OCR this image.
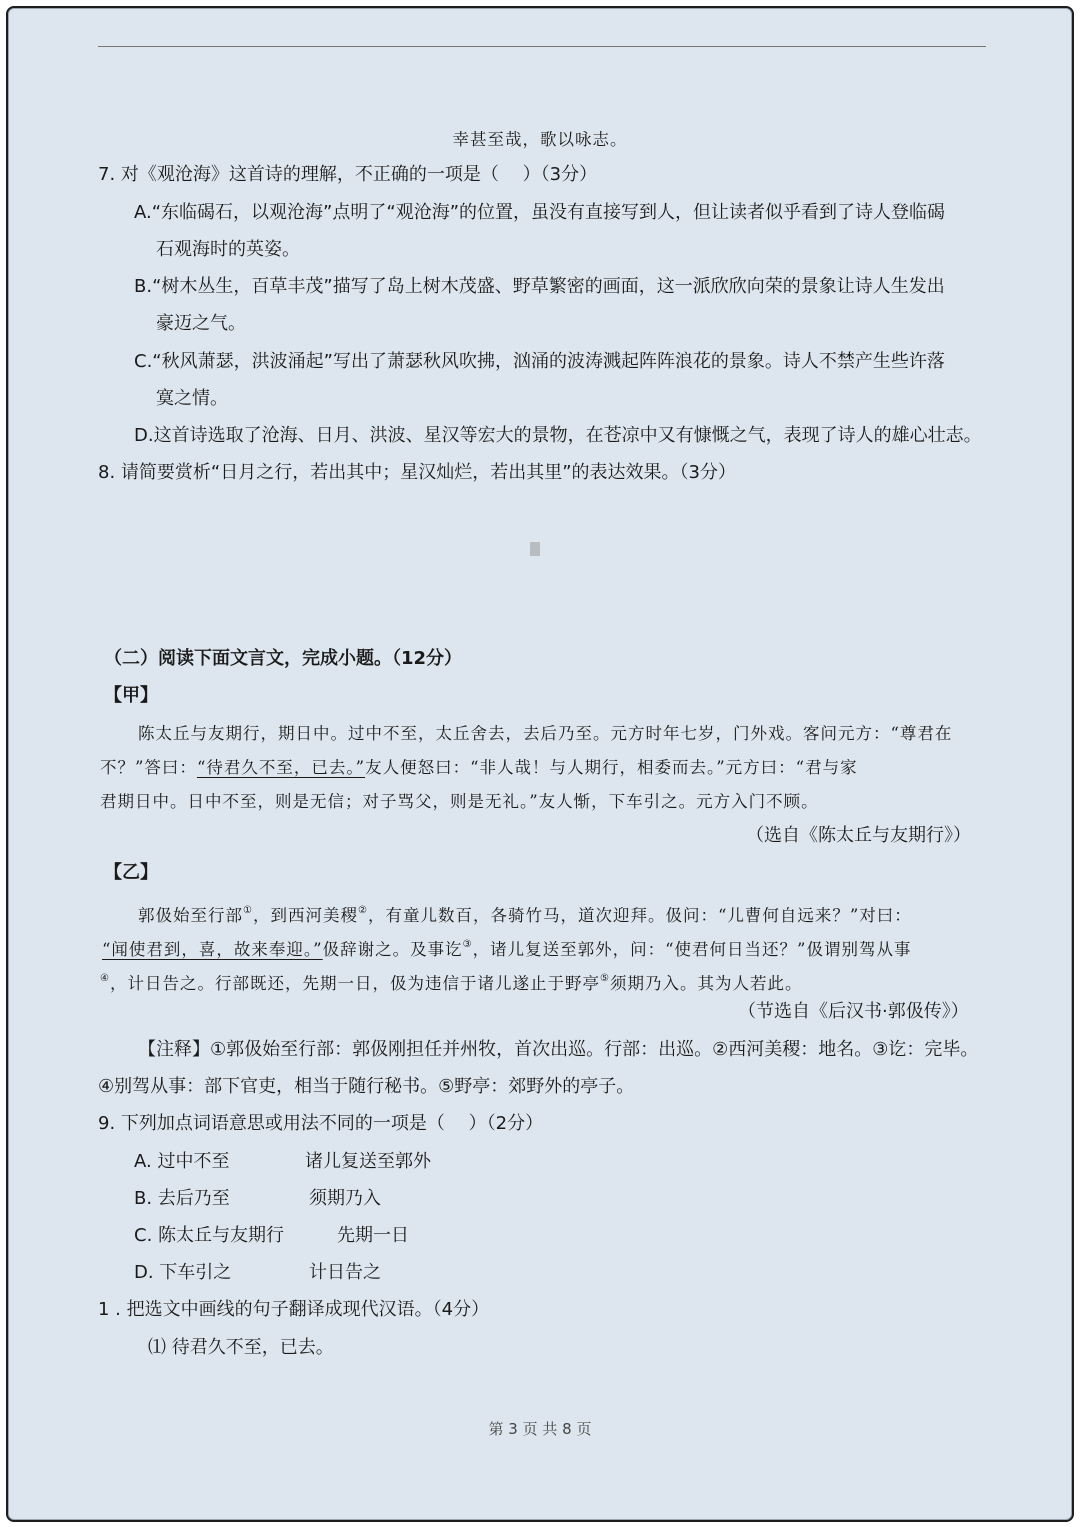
幸甚至哉，歌以咏志。
7. 对《观沧海》这首诗的理解，不正确的一项是（　 ）（3分）
A.“东临碣石，以观沧海”点明了“观沧海”的位置，虽没有直接写到人，但让读者似乎看到了诗人登临碣
石观海时的英姿。
B.“树木丛生，百草丰茂”描写了岛上树木茂盛、野草繁密的画面，这一派欣欣向荣的景象让诗人生发出
豪迈之气。
C.“秋风萧瑟，洪波涌起”写出了萧瑟秋风吹拂，汹涌的波涛溅起阵阵浪花的景象。诗人不禁产生些许落
寞之情。
D.这首诗选取了沧海、日月、洪波、星汉等宏大的景物，在苍凉中又有慷慨之气，表现了诗人的雄心壮志。
8. 请简要赏析“日月之行，若出其中；星汉灿烂，若出其里”的表达效果。（3分）
（二）阅读下面文言文，完成小题。（12分）
【甲】
陈太丘与友期行，期日中。过中不至，太丘舍去，去后乃至。元方时年七岁，门外戏。客问元方：“尊君在
不？”答曰：“待君久不至，已去。”友人便怒曰：“非人哉！与人期行，相委而去。”元方曰：“君与家
君期日中。日中不至，则是无信；对子骂父，则是无礼。”友人惭，下车引之。元方入门不顾。
（选自《陈太丘与友期行》）
【乙】
郭伋始至行部①，到西河美稷②，有童儿数百，各骑竹马，道次迎拜。伋问：“儿曹何自远来？”对曰：
“闻使君到，喜，故来奉迎。”伋辞谢之。及事讫③，诸儿复送至郭外，问：“使君何日当还？”伋谓别驾从事
④，计日告之。行部既还，先期一日，伋为违信于诸儿遂止于野亭⑤须期乃入。其为人若此。
（节选自《后汉书·郭伋传》）
【注释】①郭伋始至行部：郭伋刚担任并州牧，首次出巡。行部：出巡。②西河美稷：地名。③讫：完毕。
④别驾从事：部下官吏，相当于随行秘书。⑤野亭：郊野外的亭子。
9. 下列加点词语意思或用法不同的一项是（　 ）（2分）
A. 过中不至	诸儿复送至郭外
B. 去后乃至	须期乃入
C. 陈太丘与友期行	先期一日
D. 下车引之	计日告之
1 . 把选文中画线的句子翻译成现代汉语。（4分）
⑴ 待君久不至，已去。
第 3 页 共 8 页
